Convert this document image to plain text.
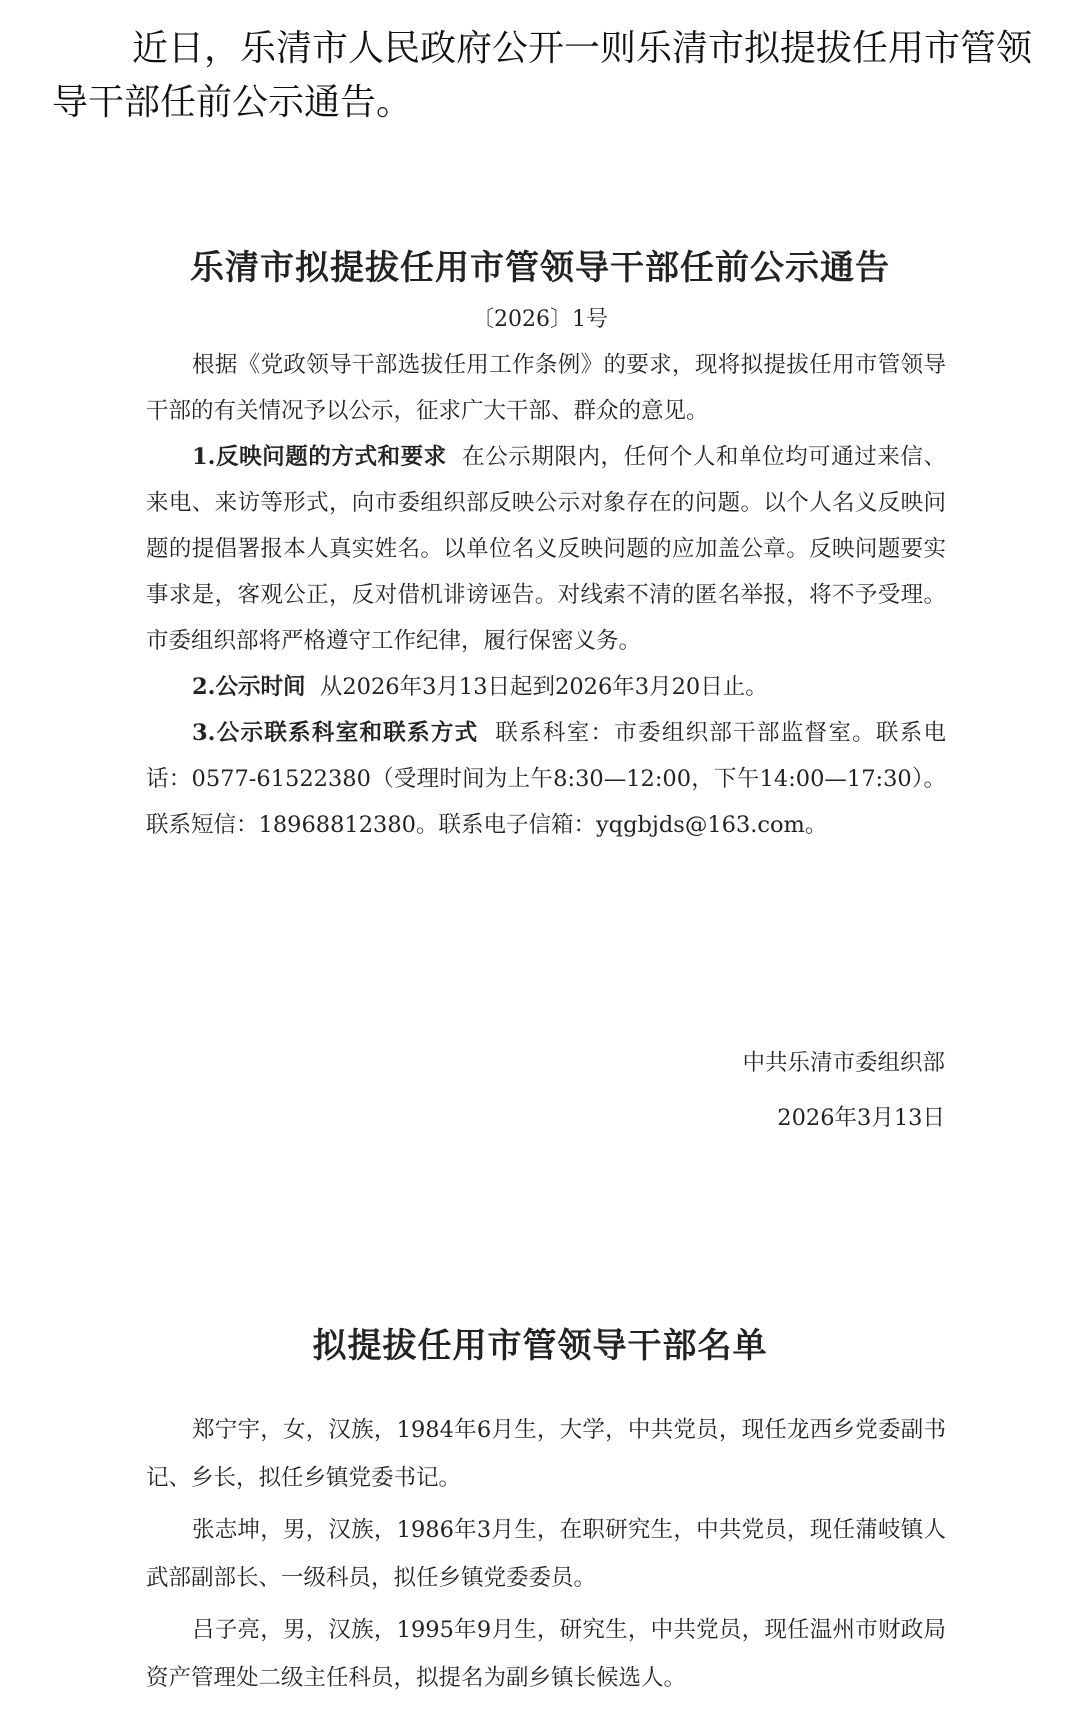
近日，乐清市人民政府公开一则乐清市拟提拔任用市管领导干部任前公示通告。
乐清市拟提拔任用市管领导干部任前公示通告
〔2026〕1号

根据《党政领导干部选拔任用工作条例》的要求，现将拟提拔任用市管领导干部的有关情况予以公示，征求广大干部、群众的意见。

1.反映问题的方式和要求 在公示期限内，任何个人和单位均可通过来信、来电、来访等形式，向市委组织部反映公示对象存在的问题。以个人名义反映问题的提倡署报本人真实姓名。以单位名义反映问题的应加盖公章。反映问题要实事求是，客观公正，反对借机诽谤诬告。对线索不清的匿名举报，将不予受理。市委组织部将严格遵守工作纪律，履行保密义务。

2.公示时间 从2026年3月13日起到2026年3月20日止。

3.公示联系科室和联系方式 联系科室：市委组织部干部监督室。联系电话：0577-61522380（受理时间为上午8:30—12:00，下午14:00—17:30）。联系短信：18968812380。联系电子信箱：yqgbjds@163.com。

中共乐清市委组织部
2026年3月13日
拟提拔任用市管领导干部名单

郑宁宇，女，汉族，1984年6月生，大学，中共党员，现任龙西乡党委副书记、乡长，拟任乡镇党委书记。

张志坤，男，汉族，1986年3月生，在职研究生，中共党员，现任蒲岐镇人武部副部长、一级科员，拟任乡镇党委委员。

吕子亮，男，汉族，1995年9月生，研究生，中共党员，现任温州市财政局资产管理处二级主任科员，拟提名为副乡镇长候选人。
